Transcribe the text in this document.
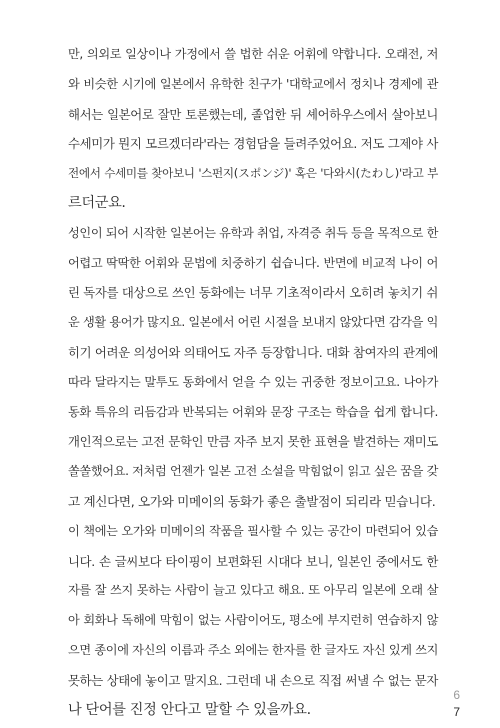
만, 의외로 일상이나 가정에서 쓸 법한 쉬운 어휘에 약합니다. 오래전, 저
와 비슷한 시기에 일본에서 유학한 친구가 '대학교에서 정치나 경제에 관
해서는 일본어로 잘만 토론했는데, 졸업한 뒤 셰어하우스에서 살아보니
수세미가 뭔지 모르겠더라'라는 경험담을 들려주었어요. 저도 그제야 사
전에서 수세미를 찾아보니 '스펀지(スポンジ)' 혹은 '다와시(たわし)'라고 부
르더군요.
성인이 되어 시작한 일본어는 유학과 취업, 자격증 취득 등을 목적으로 한
어렵고 딱딱한 어휘와 문법에 치중하기 쉽습니다. 반면에 비교적 나이 어
린 독자를 대상으로 쓰인 동화에는 너무 기초적이라서 오히려 놓치기 쉬
운 생활 용어가 많지요. 일본에서 어린 시절을 보내지 않았다면 감각을 익
히기 어려운 의성어와 의태어도 자주 등장합니다. 대화 참여자의 관계에
따라 달라지는 말투도 동화에서 얻을 수 있는 귀중한 정보이고요. 나아가
동화 특유의 리듬감과 반복되는 어휘와 문장 구조는 학습을 쉽게 합니다.
개인적으로는 고전 문학인 만큼 자주 보지 못한 표현을 발견하는 재미도
쏠쏠했어요. 저처럼 언젠가 일본 고전 소설을 막힘없이 읽고 싶은 꿈을 갖
고 계신다면, 오가와 미메이의 동화가 좋은 출발점이 되리라 믿습니다.
이 책에는 오가와 미메이의 작품을 필사할 수 있는 공간이 마련되어 있습
니다. 손 글씨보다 타이핑이 보편화된 시대다 보니, 일본인 중에서도 한
자를 잘 쓰지 못하는 사람이 늘고 있다고 해요. 또 아무리 일본에 오래 살
아 회화나 독해에 막힘이 없는 사람이어도, 평소에 부지런히 연습하지 않
으면 종이에 자신의 이름과 주소 외에는 한자를 한 글자도 자신 있게 쓰지
못하는 상태에 놓이고 말지요. 그런데 내 손으로 직접 써낼 수 없는 문자
나 단어를 진정 안다고 말할 수 있을까요.
6
7
